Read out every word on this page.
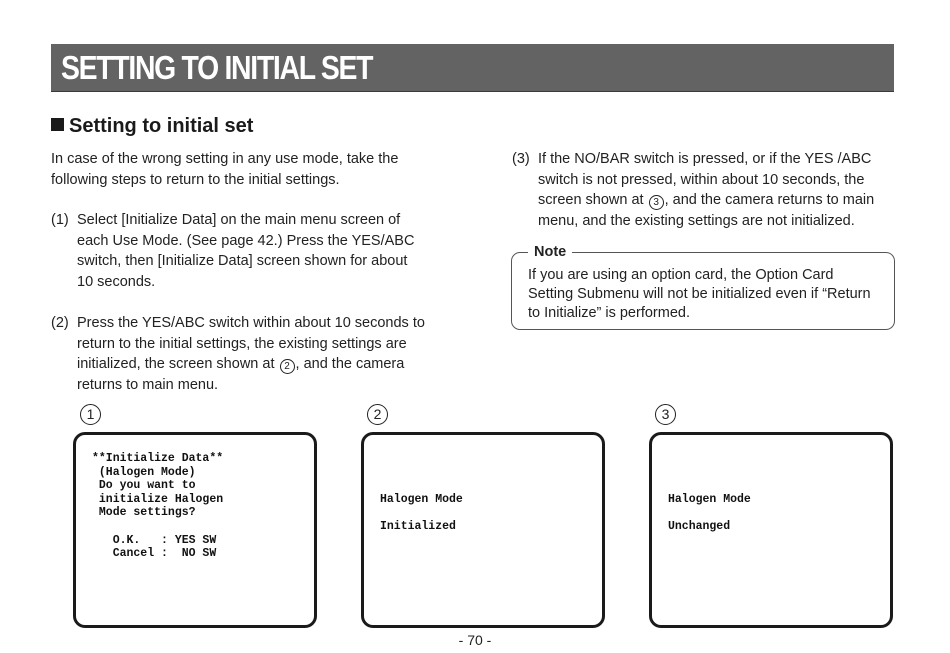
SETTING TO INITIAL SET
Setting to initial set
In case of the wrong setting in any use mode, take the following steps to return to the initial settings.
(1) Select [Initialize Data] on the main menu screen of each Use Mode. (See page 42.) Press the YES/ABC switch, then [Initialize Data] screen shown for about 10 seconds.
(2) Press the YES/ABC switch within about 10 seconds to return to the initial settings, the existing settings are initialized, the screen shown at 2 , and the camera returns to main menu.
(3) If the NO/BAR switch is pressed, or if the YES /ABC switch is not pressed, within about 10 seconds, the screen shown at 3 , and the camera returns to main menu, and the existing settings are not initialized.
Note
If you are using an option card, the Option Card Setting Submenu will not be initialized even if “Return to Initialize” is performed.
1	2	3
**Initialize Data**
(Halogen Mode)
Do you want to
initialize Halogen
Mode settings?

O.K.   : YES SW
Cancel :  NO SW

Halogen Mode

Initialized

Halogen Mode

Unchanged
- 70 -
